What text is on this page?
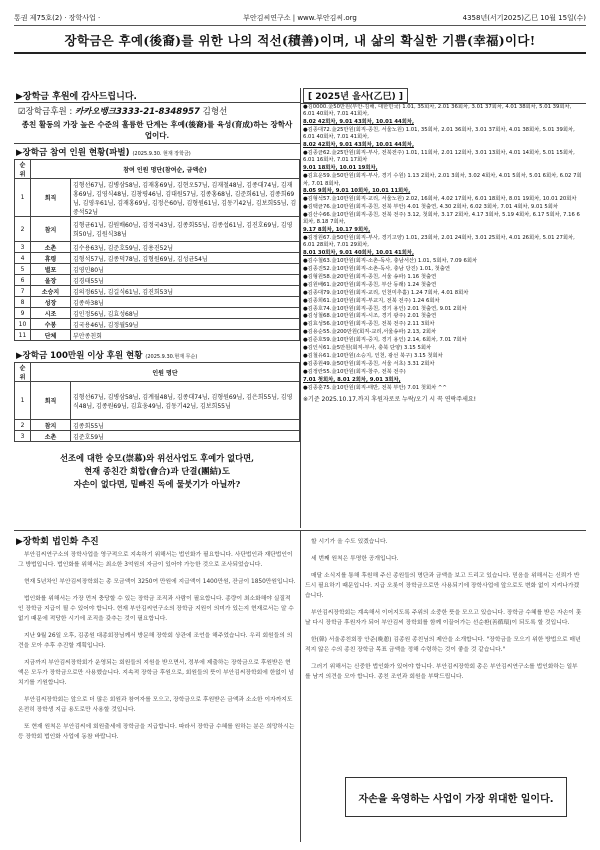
통권 제75호(2) · 장학사업 ·	부안김씨연구소 | www.부안김씨.org	4358년(서기2025)乙巳 10월 15일(수)
장학금은 후예(後裔)를 위한 나의 적선(積善)이며, 내 삶의 확실한 기쁨(幸福)이다!
▶장학금 후원에 감사드립니다.
☑장학금후원 : 카카오뱅크3333-21-8348957 김형선
종친 활동의 가장 높은 수준의 훌륭한 단계는 후예(後裔)를 육성(育成)하는 장학사업이다.
▶장학금 참여 인원 현황(파벌) (2025.9.30. 현재 장학금)
순위	참여 인원 명단(참여순, 금액순)	
1	회직	김형선67님, 김병삼58님, 김재홍69님, 김현오57님, 김재철48님, 김종대74님, 김재홍69님, 김영식48님, 김창평46님, 김대원57님, 김종홍68님, 김준희61님, 김종희69님, 김영우61님, 김재홍69님, 김정은60님, 김형원61님, 김동기42님, 김보희55님, 김중석52님
2	참지	김형균61님, 김원배60님, 김정국43님, 김종회55님, 김종섭61님, 김진호69님, 김영희50님, 김원식38님
3	소촌	김수용63님, 김준호59님, 김용진52님
4	휴령	김형석57님, 김종덕78님, 김형원69님, 김성균54님
5	별포	김영민80님
6	울장	김경태55님
7	소승지	김의정65님, 김길식61님, 김진희53님
8	성장	김종하38님
9	시조	김인정56님, 김효성68님
10	수봉	김국용46님, 김정월59님
11	단체	부안종친회
▶장학금 100만원 이상 후원 현황 (2025.9.30.현재 무순)
순위	인원 명단	
1	회직	김형선67님, 김병삼58님, 김계월48님, 김종대74님, 김형원69님, 김은희55님, 김영식48님, 김종원69님, 김효웅49님, 김동기42님, 김보희55님
2	참지	김종회55님
3	소촌	김준호59님
선조에 대한 숭모(崇慕)와 위선사업도 후예가 없다면,
현재 종친간 회합(會合)과 단결(團結)도
자손이 없다면, 밑빠진 독에 물붓기가 아닐까?
[ 2025년 을사(乙巳) ]

●김0000.金50만원(부안-김해, 대한민국) 1.01, 35회차, 2.01 36회차, 3.01 37회차, 4.01 38회차, 5.01 39회차, 6.01 40회차, 7.01 41회차,

8.02 42회차, 9.01 43회차, 10.01 44회차,

●김종대72.金25만원(회직-종친, 서울노원) 1.01, 35회차, 2.01 36회차, 3.01 37회차, 4.01 38회차, 5.01 39회차, 6.01 40회차, 7.01 41회차,

8.02 42회차, 9.01 43회차, 10.01 44회차,

●김종균62.金25만원(회직-부사, 전북전주) 1.01, 11회차, 2.01 12회차, 3.01 13회차, 4.01 14회차, 5.01 15회차, 6.01 16회차, 7.01 17회차

9.01 18회차, 10.01 19회차,

●김효운59.金50만원(회직-부사, 경기 수원) 1.13 2회차, 2.01 3회차, 3.02 4회차, 4.01 5회차, 5.01 6회차, 6.02 7회차, 7.01 8회차,

8.05 9회차, 9.01 10회차, 10.01 11회차,

●김형석57.金10만원(회직-교리, 서울노원) 2.02, 16회차, 4.02 17회차, 6.01 18회차, 8.01 19회차, 10.01 20회차

●김택균76.金10만원(회직-종친, 전북 부안) 4.01 첫출연, 4.30 2회차, 6.02 3회차, 7.01 4회차, 9.01 5회차

●김산수66.金10만원(회직-종친, 전북 전주) 3.12, 첫회차, 3.17 2회차, 4.17 3회차, 5.19 4회차, 6.17 5회차, 7.16 6회차, 8.18 7회차,

9.17 8회차, 10.17 9회차,

●김정원67.金50만원(회직-부사, 경기고양) 1.01, 23회차, 2.01 24회차, 3.01 25회차, 4.01 26회차, 5.01 27회차, 6.01 28회차, 7.01 29회차,

8.01 30회차, 9.01 40회차, 10.01 41회차,

●김수철63.金10만원(회직-소촌-독사, 충남서산) 1.01, 5회차, 7.09 6회차

●김종진52.金10만원(회직-소촌-독사, 충남 당진) 1.01, 첫출연

●김형원58.金20만원(회직-종친, 서울 송파) 1.16 첫출연

●김원배61.金20만원(회직-종친, 부산 동래) 1.24 첫출연

●김종대79.金10만원(회직-교리, 인천미추홀) 1.24 7회차, 4.01 8회차

●김종희61.金10만원(회직-부교지, 전북 전주) 1.24 6회차

●김종호74.金10만원(회직-종친, 경기 용인) 2.01 첫출연, 9.01 2회차

●김성철68.金10만원(회직-시조, 경기 광주) 2.01 첫출연

●김효성56.金10만원(회직-종친, 전북 전주) 2.11 3회차

●김용순55.金200만원(회직-교리,서울송파) 2.13, 2회차

●김준호59.金10만원(회직-중지, 경기 용인) 2.14, 6회차, 7.01 7회차

●김인식61.金5만원(회직-부사, 충북 단양) 3.15 5회차

●김철유61.金10만원(소승지, 인천, 광선 북구) 3.15 첫회차

●김종원49.金50만원(회직-종친, 서울 서초) 3.31 2회차

●김정란55.金10만원(회직-창주, 전북 전주)

7.01 첫회차, 8.01 2회차, 9.01 3회차,

●김종훈75.金10만원(회직-태반, 전북 부안) 7.01 첫회차 ^^

※기준 2025.10.17.까지 후원자로로 누락/오기 시 꼭 연락주세요!
▶장학회 법인화 추진

부안김씨연구소의 장학사업을 영구적으로 지속하기 위해서는 법인화가 필요합니다. 사단법인과 재단법인이 그 방법입니다. 법인화를 위해서는 최소한 3억원의 자금이 있어야 가능한 것으로 조사되었습니다.

현재 5년차인 부안김씨장학회는 총 모금액이 3250여 만원에 지급액이 1400만원, 잔금이 1850만원입니다.

법인화를 위해서는 가장 먼저 충당할 수 있는 장학금 조직과 사람이 필요합니다. 종량이 최소화해야 실질적인 장학금 지급이 될 수 있어야 합니다. 현재 부안김씨연구소의 장학금 지원이 의미가 있는지 현재로서는 알 수 없기 때문에 적당한 시기에 조직을 갖추는 것이 필요합니다.

지난 9월 26일 오후, 김종원 대종회장님께서 방문해 장학회 상관에 조언을 해주었습니다. 우리 회원들의 의견을 모아 추후 추진할 계획입니다.

지금까지 부안김씨장학회가 운영되는 회원들의 지원을 받으면서, 정부에 제출하는 장학금으로 후원받은 현액은 모두가 장학금으로만 사용했습니다. 지속적 장학금 후원으로, 회원들의 뜻이 부안김씨장학회에 한없이 넘치기를 기원합니다.

부안김씨장학회는 앞으로 더 많은 회원과 참여자를 모으고, 장학금으로 후원받은 금액과 소소한 이자까지도 온전히 장학생 지급 용도로만 사용할 것입니다.

또 현재 원칙은 부안김씨에 회원출세에 장학금을 지급합니다. 따라서 장학금 수혜를 원하는 분은 희망하시는 등 장학회 법인화 사업에 동참 바랍니다.

할 시기가 올 수도 있겠습니다.

세 번째 원칙은 투명한 공개입니다.

매달 소식지를 통해 후원해 주신 종원들의 명단과 금액을 보고 드리고 있습니다. 믿음을 위해서는 신뢰가 반드시 필요하기 때문입니다. 지급 오롯이 장학금으로만 사용되기에 장학사업에 앞으로도 변화 없이 지켜나가겠습니다.

부안김씨장학회는 계속해서 이어지도록 주위의 소중한 뜻을 모으고 있습니다. 장학금 수혜를 받은 자손이 훗날 다시 장학금 후원자가 되어 부안김씨 장학회를 함께 이끌어가는 선순환(善循環)이 되도록 할 것입니다.

한(韓) 서울종친회장 안준(晩憩) 김종원 종친님의 제안을 소개합니다. "장학금을 모으기 위한 방법으로 매년 적지 않은 수의 종친 장학금 목표 금액을 정해 수령하는 것이 좋을 것 같습니다."

그러기 위해서는 신중한 법인화가 있어야 합니다. 부안김씨장학회 총은 부안김씨연구소를 법인화하는 일부를 남겨 의견을 모아 합니다. 종친 조언과 회원을 부탁드립니다.

자손을 육영하는 사업이 가장 위대한 일이다.
